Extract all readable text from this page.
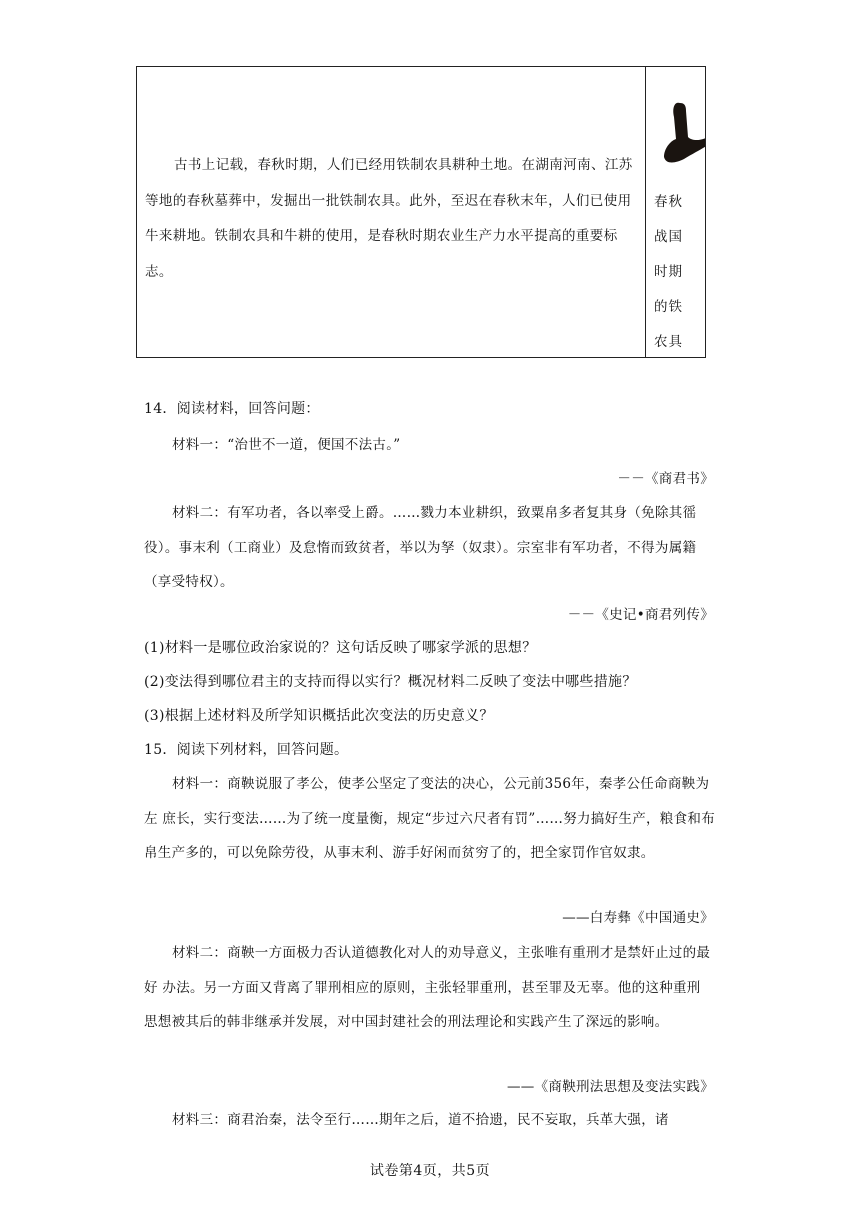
古书上记载，春秋时期，人们已经用铁制农具耕种土地。在湖南河南、江苏等地的春秋墓葬中，发掘出一批铁制农具。此外，至迟在春秋末年，人们已使用牛来耕地。铁制农具和牛耕的使用，是春秋时期农业生产力水平提高的重要标志。
春秋
战国
时期
的铁
农具
14．阅读材料，回答问题：
材料一：“治世不一道，便国不法古。”
－－《商君书》
材料二：有军功者，各以率受上爵。……戮力本业耕织，致粟帛多者复其身（免除其徭役）。事末利（工商业）及怠惰而致贫者，举以为孥（奴隶）。宗室非有军功者，不得为属籍（享受特权）。
－－《史记•商君列传》
(1)材料一是哪位政治家说的？这句话反映了哪家学派的思想？
(2)变法得到哪位君主的支持而得以实行？概况材料二反映了变法中哪些措施？
(3)根据上述材料及所学知识概括此次变法的历史意义？
15．阅读下列材料，回答问题。
材料一：商鞅说服了孝公，使孝公坚定了变法的决心，公元前356年，秦孝公任命商鞅为左 庶长，实行变法……为了统一度量衡，规定“步过六尺者有罚”……努力搞好生产，粮食和布帛生产多的，可以免除劳役，从事末利、游手好闲而贫穷了的，把全家罚作官奴隶。
——白寿彝《中国通史》
材料二：商鞅一方面极力否认道德教化对人的劝导意义，主张唯有重刑才是禁奸止过的最好 办法。另一方面又背离了罪刑相应的原则，主张轻罪重刑，甚至罪及无辜。他的这种重刑 思想被其后的韩非继承并发展，对中国封建社会的刑法理论和实践产生了深远的影响。
——《商鞅刑法思想及变法实践》
材料三：商君治秦，法令至行……期年之后，道不拾遗，民不妄取，兵革大强，诸
试卷第4页，共5页
